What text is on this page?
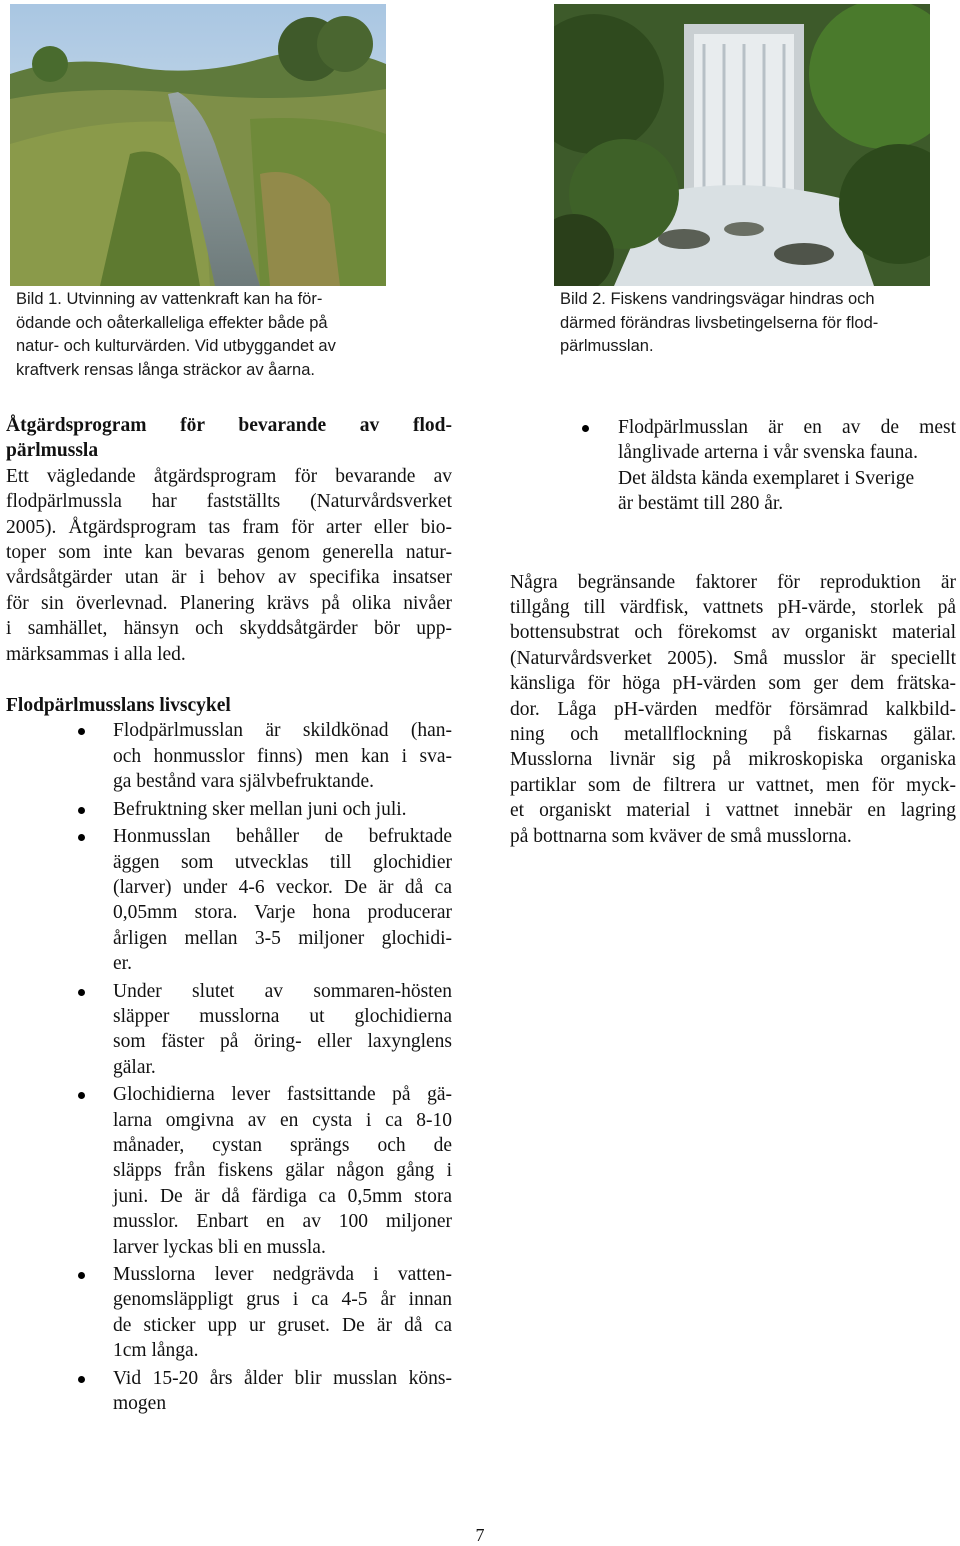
Bild 1. Utvinning av vattenkraft kan ha för-
ödande och oåterkalleliga effekter både på
natur- och kulturvärden. Vid utbyggandet av
kraftverk rensas långa sträckor av åarna.
Bild 2. Fiskens vandringsvägar hindras och
därmed förändras livsbetingelserna för flod-
pärlmusslan.
Åtgärdsprogram för bevarande av flod-
pärlmussla
Ett vägledande åtgärdsprogram för bevarande av
flodpärlmussla har fastställts (Naturvårdsverket
2005). Åtgärdsprogram tas fram för arter eller bio-
toper som inte kan bevaras genom generella natur-
vårdsåtgärder utan är i behov av specifika insatser
för sin överlevnad. Planering krävs på olika nivåer
i samhället, hänsyn och skyddsåtgärder bör upp-
märksammas i alla led.
Flodpärlmusslans livscykel
Flodpärlmusslan är skildkönad (han-
och honmusslor finns) men kan i sva-
ga bestånd vara självbefruktande.
Befruktning sker mellan juni och juli.
Honmusslan behåller de befruktade
äggen som utvecklas till glochidier
(larver) under 4-6 veckor. De är då ca
0,05mm stora. Varje hona producerar
årligen mellan 3-5 miljoner glochidi-
er.
Under slutet av sommaren-hösten
släpper musslorna ut glochidierna
som fäster på öring- eller laxynglens
gälar.
Glochidierna lever fastsittande på gä-
larna omgivna av en cysta i ca 8-10
månader, cystan sprängs och de
släpps från fiskens gälar någon gång i
juni. De är då färdiga ca 0,5mm stora
musslor. Enbart en av 100 miljoner
larver lyckas bli en mussla.
Musslorna lever nedgrävda i vatten-
genomsläppligt grus i ca 4-5 år innan
de sticker upp ur gruset. De är då ca
1cm långa.
Vid 15-20 års ålder blir musslan köns-
mogen
Flodpärlmusslan är en av de mest
långlivade arterna i vår svenska fauna.
Det äldsta kända exemplaret i Sverige
är bestämt till 280 år.
Några begränsande faktorer för reproduktion är
tillgång till värdfisk, vattnets pH-värde, storlek på
bottensubstrat och förekomst av organiskt material
(Naturvårdsverket 2005). Små musslor är speciellt
känsliga för höga pH-värden som ger dem frätska-
dor. Låga pH-värden medför försämrad kalkbild-
ning och metallflockning på fiskarnas gälar.
Musslorna livnär sig på mikroskopiska organiska
partiklar som de filtrera ur vattnet, men för myck-
et organiskt material i vattnet innebär en lagring
på bottnarna som kväver de små musslorna.
7
